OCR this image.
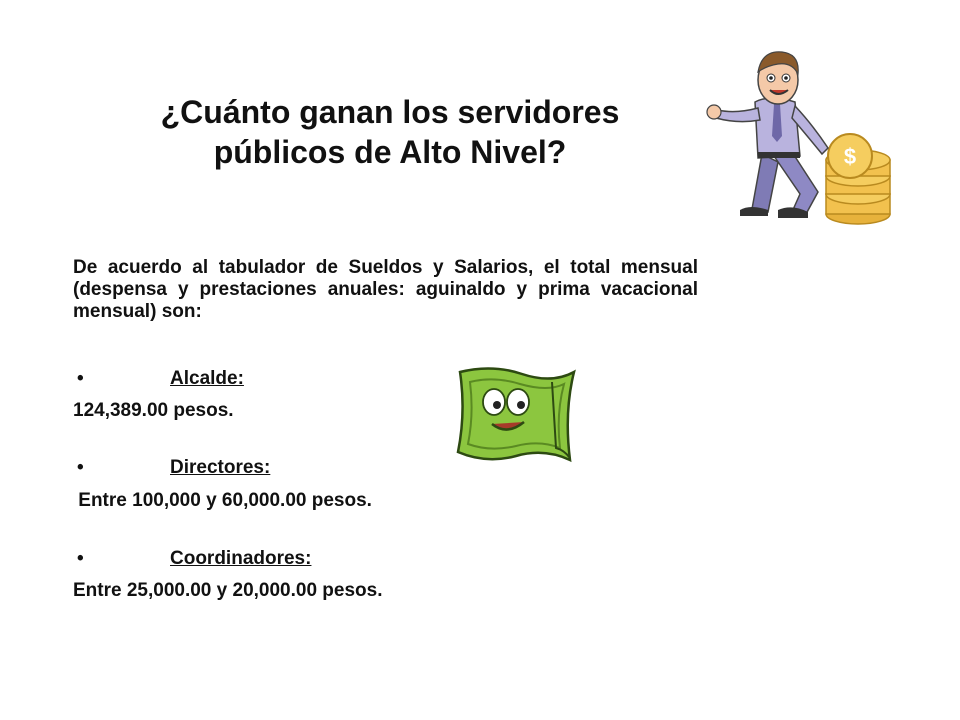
¿Cuánto ganan los servidores públicos de Alto Nivel?	$
De acuerdo al tabulador de Sueldos y Salarios, el total mensual (despensa y prestaciones anuales: aguinaldo y prima vacacional mensual) son:
•	Alcalde:
124,389.00 pesos.
•	Directores:
Entre 100,000 y 60,000.00 pesos.
•	Coordinadores:
Entre 25,000.00 y 20,000.00 pesos.
